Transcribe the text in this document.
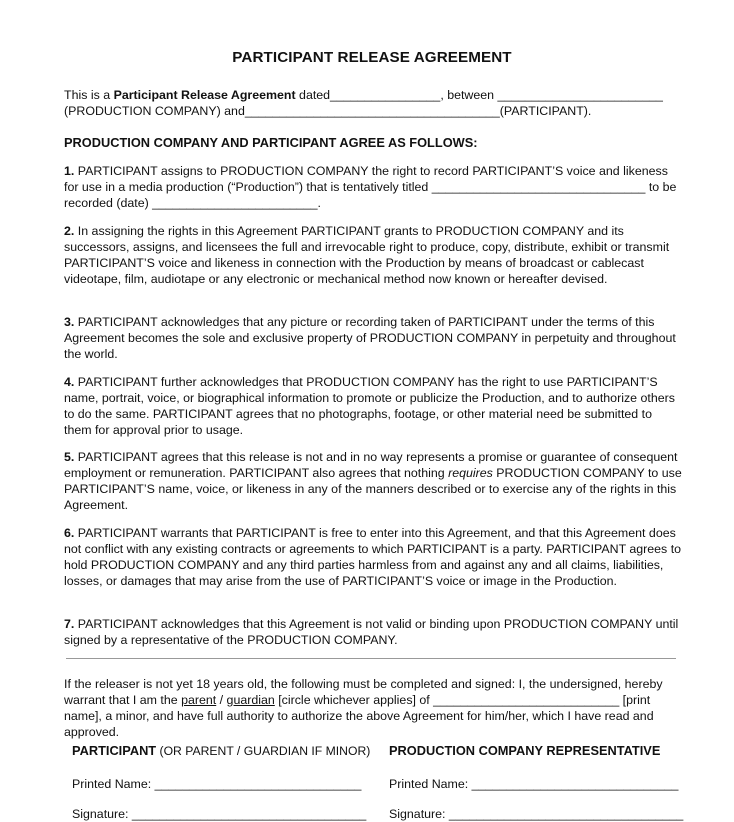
PARTICIPANT RELEASE AGREEMENT
This is a Participant Release Agreement dated________________, between ________________________
(PRODUCTION COMPANY) and_____________________________________(PARTICIPANT).
PRODUCTION COMPANY AND PARTICIPANT AGREE AS FOLLOWS:
1. PARTICIPANT assigns to PRODUCTION COMPANY the right to record PARTICIPANT’S voice and likeness for use in a media production (“Production”) that is tentatively titled _______________________________ to be recorded (date) ________________________.
2. In assigning the rights in this Agreement PARTICIPANT grants to PRODUCTION COMPANY and its successors, assigns, and licensees the full and irrevocable right to produce, copy, distribute, exhibit or transmit PARTICIPANT’S voice and likeness in connection with the Production by means of broadcast or cablecast videotape, film, audiotape or any electronic or mechanical method now known or hereafter devised.
3. PARTICIPANT acknowledges that any picture or recording taken of PARTICIPANT under the terms of this Agreement becomes the sole and exclusive property of PRODUCTION COMPANY in perpetuity and throughout the world.
4. PARTICIPANT further acknowledges that PRODUCTION COMPANY has the right to use PARTICIPANT’S name, portrait, voice, or biographical information to promote or publicize the Production, and to authorize others to do the same. PARTICIPANT agrees that no photographs, footage, or other material need be submitted to them for approval prior to usage.
5. PARTICIPANT agrees that this release is not and in no way represents a promise or guarantee of consequent employment or remuneration. PARTICIPANT also agrees that nothing requires PRODUCTION COMPANY to use PARTICIPANT’S name, voice, or likeness in any of the manners described or to exercise any of the rights in this Agreement.
6. PARTICIPANT warrants that PARTICIPANT is free to enter into this Agreement, and that this Agreement does not conflict with any existing contracts or agreements to which PARTICIPANT is a party. PARTICIPANT agrees to hold PRODUCTION COMPANY and any third parties harmless from and against any and all claims, liabilities, losses, or damages that may arise from the use of PARTICIPANT’S voice or image in the Production.
7. PARTICIPANT acknowledges that this Agreement is not valid or binding upon PRODUCTION COMPANY until signed by a representative of the PRODUCTION COMPANY.
If the releaser is not yet 18 years old, the following must be completed and signed: I, the undersigned, hereby warrant that I am the parent / guardian [circle whichever applies] of ___________________________ [print name], a minor, and have full authority to authorize the above Agreement for him/her, which I have read and approved.
PARTICIPANT (OR PARENT / GUARDIAN IF MINOR)
Printed Name: ______________________________
Signature: __________________________________
PRODUCTION COMPANY REPRESENTATIVE
Printed Name: ______________________________
Signature: __________________________________
